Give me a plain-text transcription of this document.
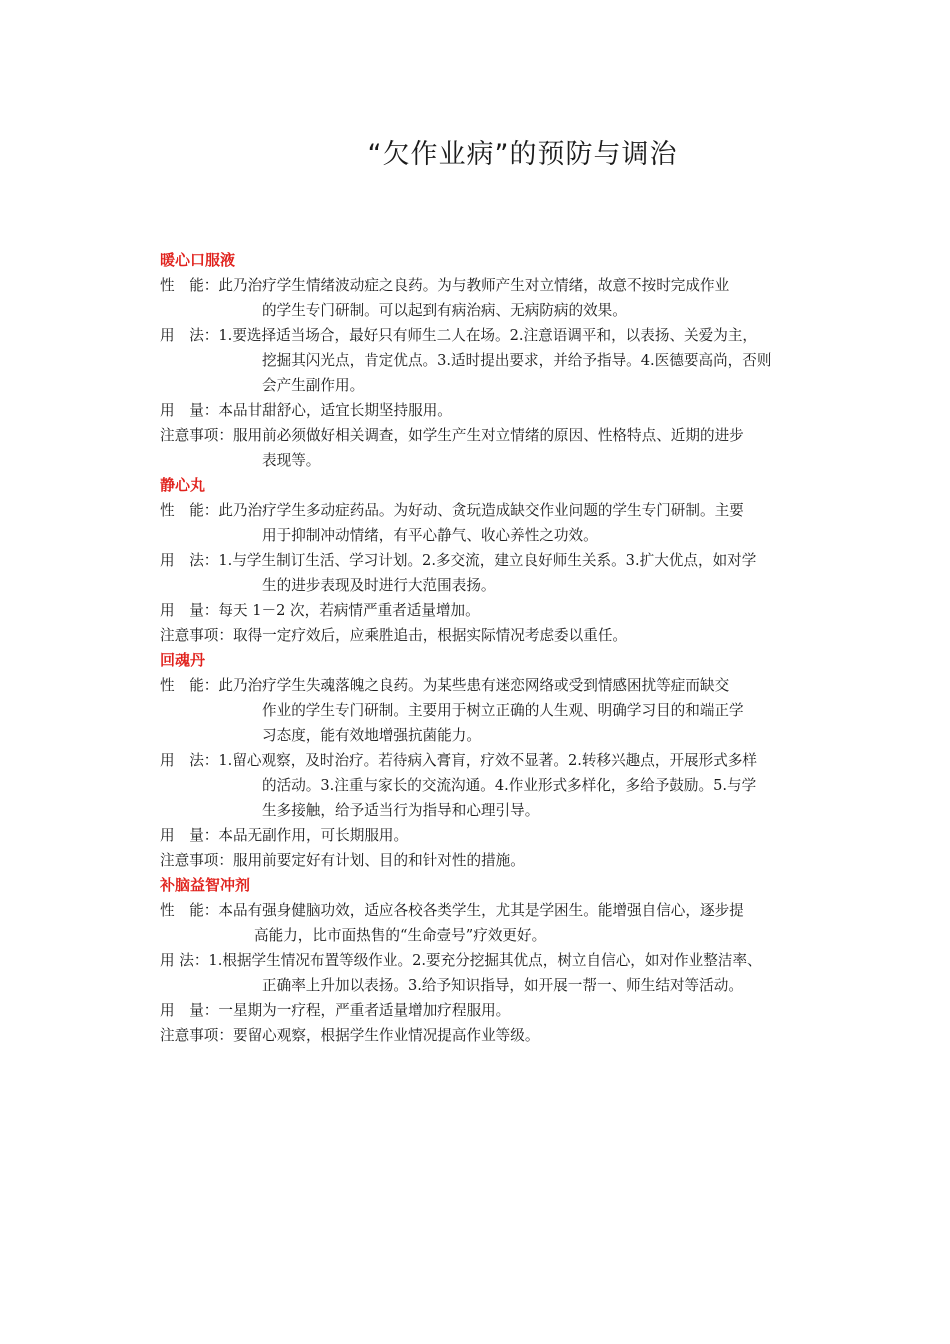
“欠作业病”的预防与调治
暖心口服液
性　能：此乃治疗学生情绪波动症之良药。为与教师产生对立情绪，故意不按时完成作业
的学生专门研制。可以起到有病治病、无病防病的效果。
用　法：1.要选择适当场合，最好只有师生二人在场。2.注意语调平和，以表扬、关爱为主，
挖掘其闪光点，肯定优点。3.适时提出要求，并给予指导。4.医德要高尚，否则
会产生副作用。
用　量：本品甘甜舒心，适宜长期坚持服用。
注意事项：服用前必须做好相关调查，如学生产生对立情绪的原因、性格特点、近期的进步
表现等。
静心丸
性　能：此乃治疗学生多动症药品。为好动、贪玩造成缺交作业问题的学生专门研制。主要
用于抑制冲动情绪，有平心静气、收心养性之功效。
用　法：1.与学生制订生活、学习计划。2.多交流，建立良好师生关系。3.扩大优点，如对学
生的进步表现及时进行大范围表扬。
用　量：每天 1－2 次，若病情严重者适量增加。
注意事项：取得一定疗效后，应乘胜追击，根据实际情况考虑委以重任。
回魂丹
性　能：此乃治疗学生失魂落魄之良药。为某些患有迷恋网络或受到情感困扰等症而缺交
作业的学生专门研制。主要用于树立正确的人生观、明确学习目的和端正学
习态度，能有效地增强抗菌能力。
用　法：1.留心观察，及时治疗。若待病入膏肓，疗效不显著。2.转移兴趣点，开展形式多样
的活动。3.注重与家长的交流沟通。4.作业形式多样化，多给予鼓励。5.与学
生多接触，给予适当行为指导和心理引导。
用　量：本品无副作用，可长期服用。
注意事项：服用前要定好有计划、目的和针对性的措施。
补脑益智冲剂
性　能：本品有强身健脑功效，适应各校各类学生，尤其是学困生。能增强自信心，逐步提
高能力，比市面热售的“生命壹号”疗效更好。
用 法：1.根据学生情况布置等级作业。2.要充分挖掘其优点，树立自信心，如对作业整洁率、
正确率上升加以表扬。3.给予知识指导，如开展一帮一、师生结对等活动。
用　量：一星期为一疗程，严重者适量增加疗程服用。
注意事项：要留心观察，根据学生作业情况提高作业等级。
